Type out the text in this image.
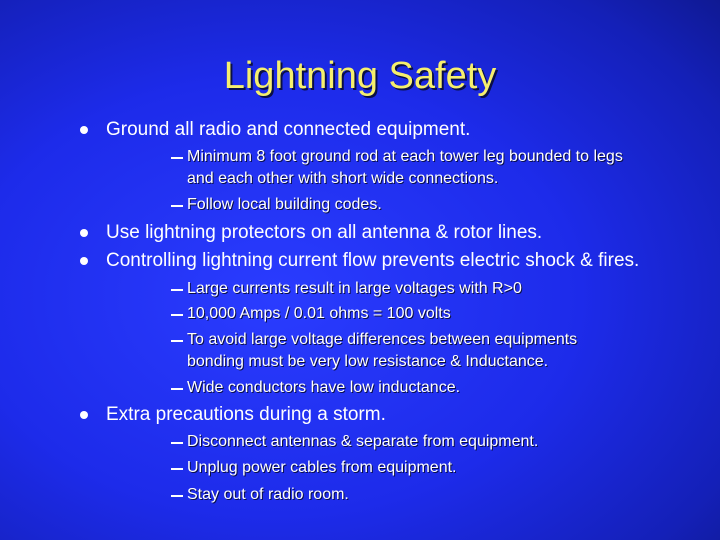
Lightning Safety
Ground all radio and connected equipment.
Minimum 8 foot ground rod at each tower leg bounded to legs
and each other with short wide connections.
Follow local building codes.
Use lightning protectors on all antenna & rotor lines.
Controlling lightning current flow prevents electric shock & fires.
Large currents result in large voltages with R>0
10,000 Amps / 0.01 ohms = 100 volts
To avoid large voltage differences between equipments
bonding must be very low resistance & Inductance.
Wide conductors have low inductance.
Extra precautions during a storm.
Disconnect antennas & separate from equipment.
Unplug power cables from equipment.
Stay out of radio room.
